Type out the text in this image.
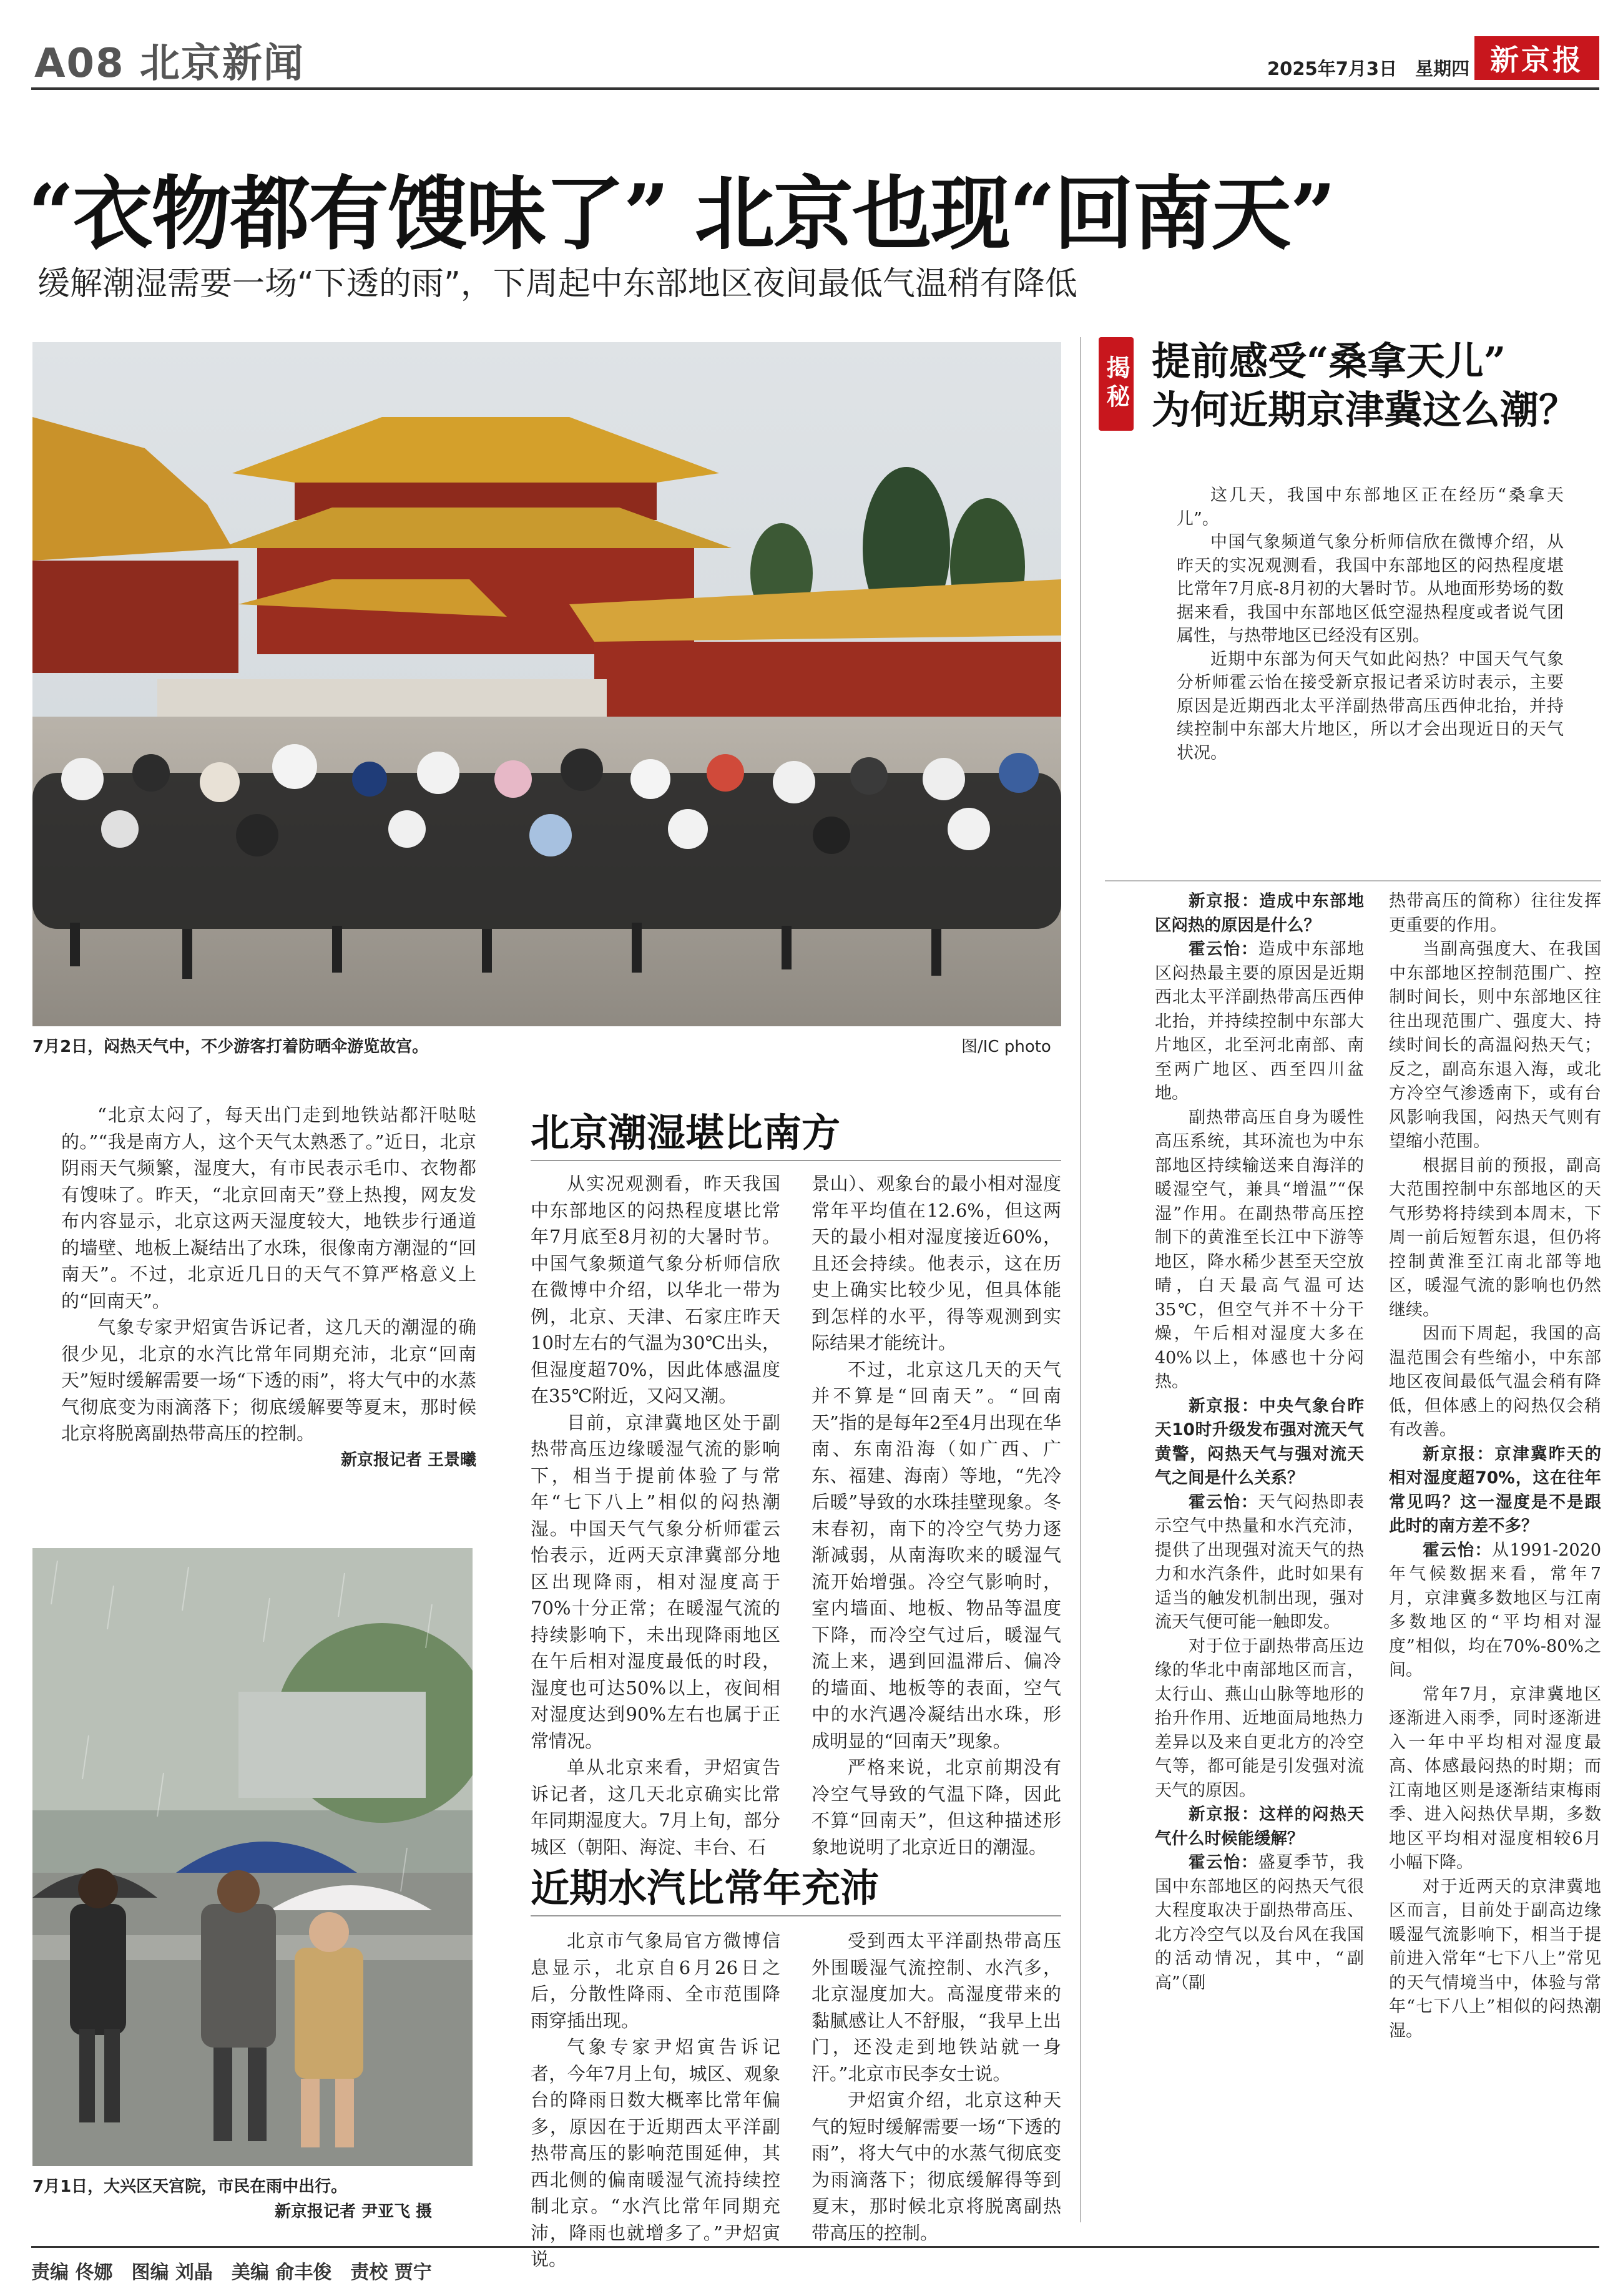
A08 北京新闻	2025年7月3日　星期四 新京报
“衣物都有馊味了” 北京也现“回南天”
缓解潮湿需要一场“下透的雨”，下周起中东部地区夜间最低气温稍有降低
7月2日，闷热天气中，不少游客打着防晒伞游览故宫。	图/IC photo

“北京太闷了，每天出门走到地铁站都汗哒哒的。”“我是南方人，这个天气太熟悉了。”近日，北京阴雨天气频繁，湿度大，有市民表示毛巾、衣物都有馊味了。昨天，“北京回南天”登上热搜，网友发布内容显示，北京这两天湿度较大，地铁步行通道的墙壁、地板上凝结出了水珠，很像南方潮湿的“回南天”。不过，北京近几日的天气不算严格意义上的“回南天”。

气象专家尹炤寅告诉记者，这几天的潮湿的确很少见，北京的水汽比常年同期充沛，北京“回南天”短时缓解需要一场“下透的雨”，将大气中的水蒸气彻底变为雨滴落下；彻底缓解要等夏末，那时候北京将脱离副热带高压的控制。

新京报记者 王景曦

7月1日，大兴区天宫院，市民在雨中出行。
新京报记者 尹亚飞 摄
北京潮湿堪比南方

从实况观测看，昨天我国中东部地区的闷热程度堪比常年7月底至8月初的大暑时节。中国气象频道气象分析师信欣在微博中介绍，以华北一带为例，北京、天津、石家庄昨天10时左右的气温为30℃出头，但湿度超70%，因此体感温度在35℃附近，又闷又潮。

目前，京津冀地区处于副热带高压边缘暖湿气流的影响下，相当于提前体验了与常年“七下八上”相似的闷热潮湿。中国天气气象分析师霍云怡表示，近两天京津冀部分地区出现降雨，相对湿度高于70%十分正常；在暖湿气流的持续影响下，未出现降雨地区在午后相对湿度最低的时段，湿度也可达50%以上，夜间相对湿度达到90%左右也属于正常情况。

单从北京来看，尹炤寅告诉记者，这几天北京确实比常年同期湿度大。7月上旬，部分城区（朝阳、海淀、丰台、石

景山）、观象台的最小相对湿度常年平均值在12.6%，但这两天的最小相对湿度接近60%，且还会持续。他表示，这在历史上确实比较少见，但具体能到怎样的水平，得等观测到实际结果才能统计。

不过，北京这几天的天气并不算是“回南天”。“回南天”指的是每年2至4月出现在华南、东南沿海（如广西、广东、福建、海南）等地，“先冷后暖”导致的水珠挂壁现象。冬末春初，南下的冷空气势力逐渐减弱，从南海吹来的暖湿气流开始增强。冷空气影响时，室内墙面、地板、物品等温度下降，而冷空气过后，暖湿气流上来，遇到回温滞后、偏冷的墙面、地板等的表面，空气中的水汽遇冷凝结出水珠，形成明显的“回南天”现象。

严格来说，北京前期没有冷空气导致的气温下降，因此不算“回南天”，但这种描述形象地说明了北京近日的潮湿。

近期水汽比常年充沛

北京市气象局官方微博信息显示，北京自6月26日之后，分散性降雨、全市范围降雨穿插出现。

气象专家尹炤寅告诉记者，今年7月上旬，城区、观象台的降雨日数大概率比常年偏多，原因在于近期西太平洋副热带高压的影响范围延伸，其西北侧的偏南暖湿气流持续控制北京。“水汽比常年同期充沛，降雨也就增多了。”尹炤寅说。

受到西太平洋副热带高压外围暖湿气流控制、水汽多，北京湿度加大。高湿度带来的黏腻感让人不舒服，“我早上出门，还没走到地铁站就一身汗。”北京市民李女士说。

尹炤寅介绍，北京这种天气的短时缓解需要一场“下透的雨”，将大气中的水蒸气彻底变为雨滴落下；彻底缓解得等到夏末，那时候北京将脱离副热带高压的控制。

揭秘 提前感受“桑拿天儿”
为何近期京津冀这么潮？

这几天，我国中东部地区正在经历“桑拿天儿”。

中国气象频道气象分析师信欣在微博介绍，从昨天的实况观测看，我国中东部地区的闷热程度堪比常年7月底-8月初的大暑时节。从地面形势场的数据来看，我国中东部地区低空湿热程度或者说气团属性，与热带地区已经没有区别。

近期中东部为何天气如此闷热？中国天气气象分析师霍云怡在接受新京报记者采访时表示，主要原因是近期西北太平洋副热带高压西伸北抬，并持续控制中东部大片地区，所以才会出现近日的天气状况。

新京报：造成中东部地区闷热的原因是什么？

霍云怡：造成中东部地区闷热最主要的原因是近期西北太平洋副热带高压西伸北抬，并持续控制中东部大片地区，北至河北南部、南至两广地区、西至四川盆地。

副热带高压自身为暖性高压系统，其环流也为中东部地区持续输送来自海洋的暖湿空气，兼具“增温”“保湿”作用。在副热带高压控制下的黄淮至长江中下游等地区，降水稀少甚至天空放晴，白天最高气温可达35℃，但空气并不十分干燥，午后相对湿度大多在40%以上，体感也十分闷热。

新京报：中央气象台昨天10时升级发布强对流天气黄警，闷热天气与强对流天气之间是什么关系？

霍云怡：天气闷热即表示空气中热量和水汽充沛，提供了出现强对流天气的热力和水汽条件，此时如果有适当的触发机制出现，强对流天气便可能一触即发。

对于位于副热带高压边缘的华北中南部地区而言，太行山、燕山山脉等地形的抬升作用、近地面局地热力差异以及来自更北方的冷空气等，都可能是引发强对流天气的原因。

新京报：这样的闷热天气什么时候能缓解？

霍云怡：盛夏季节，我国中东部地区的闷热天气很大程度取决于副热带高压、北方冷空气以及台风在我国的活动情况，其中，“副高”（副

热带高压的简称）往往发挥更重要的作用。

当副高强度大、在我国中东部地区控制范围广、控制时间长，则中东部地区往往出现范围广、强度大、持续时间长的高温闷热天气；反之，副高东退入海，或北方冷空气渗透南下，或有台风影响我国，闷热天气则有望缩小范围。

根据目前的预报，副高大范围控制中东部地区的天气形势将持续到本周末，下周一前后短暂东退，但仍将控制黄淮至江南北部等地区，暖湿气流的影响也仍然继续。

因而下周起，我国的高温范围会有些缩小，中东部地区夜间最低气温会稍有降低，但体感上的闷热仅会稍有改善。

新京报：京津冀昨天的相对湿度超70%，这在往年常见吗？这一湿度是不是跟此时的南方差不多？

霍云怡：从1991-2020年气候数据来看，常年7月，京津冀多数地区与江南多数地区的“平均相对湿度”相似，均在70%-80%之间。

常年7月，京津冀地区逐渐进入雨季，同时逐渐进入一年中平均相对湿度最高、体感最闷热的时期；而江南地区则是逐渐结束梅雨季、进入闷热伏旱期，多数地区平均相对湿度相较6月小幅下降。

对于近两天的京津冀地区而言，目前处于副高边缘暖湿气流影响下，相当于提前进入常年“七下八上”常见的天气情境当中，体验与常年“七下八上”相似的闷热潮湿。

责编 佟娜　图编 刘晶　美编 俞丰俊　责校 贾宁
